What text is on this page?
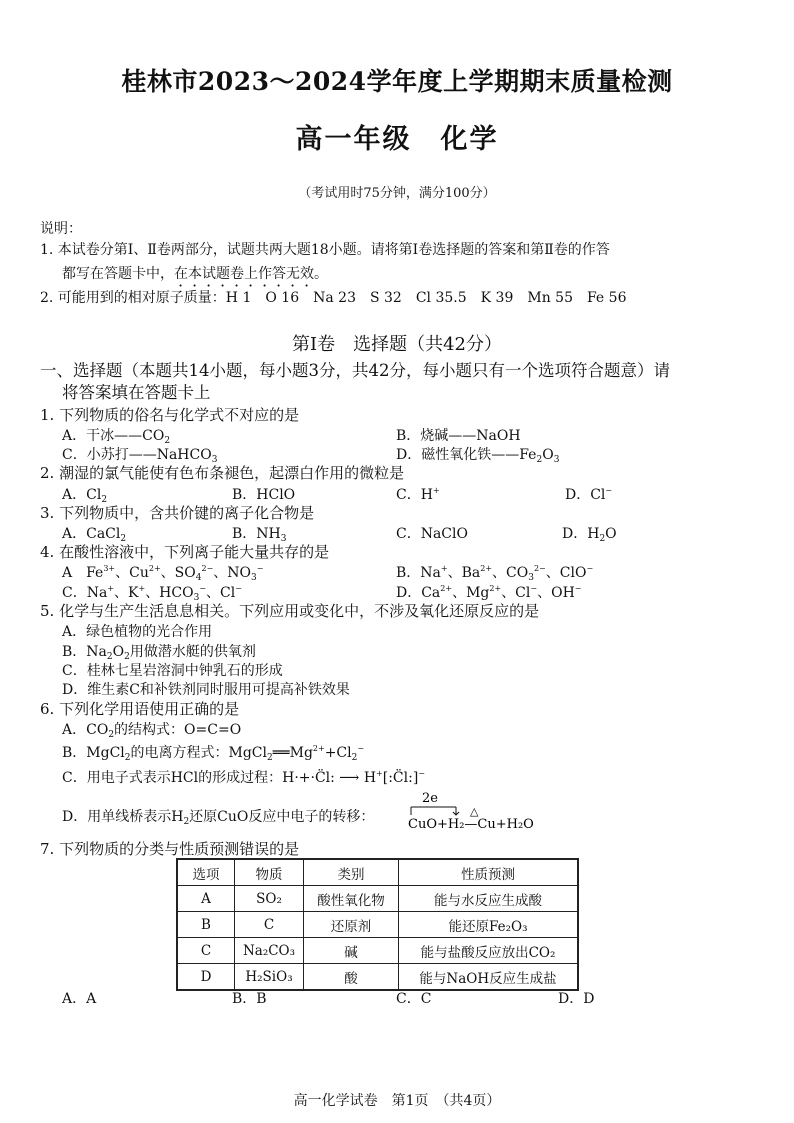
桂林市2023～2024学年度上学期期末质量检测
高一年级　化学
（考试用时75分钟，满分100分）
说明：
1. 本试卷分第Ⅰ、Ⅱ卷两部分，试题共两大题18小题。请将第Ⅰ卷选择题的答案和第Ⅱ卷的作答
都写在答题卡中，在本试题卷上作答无效。
2. 可能用到的相对原子质量：H 1　O 16　Na 23　S 32　Cl 35.5　K 39　Mn 55　Fe 56
第Ⅰ卷　选择题（共42分）
一、选择题（本题共14小题，每小题3分，共42分，每小题只有一个选项符合题意）请
将答案填在答题卡上
1. 下列物质的俗名与化学式不对应的是
A．干冰$——CO_2$	B．烧碱——NaOH
C．小苏打——NaHCO$_3$	D．磁性氧化铁$——Fe_2O_3$
2. 潮湿的氯气能使有色布条褪色，起漂白作用的微粒是
A．$Cl_2$	B．HClO	C．H+	D．Cl−
3. 下列物质中，含共价键的离子化合物是
A．CaCl$_2$	B．$NH_3$	C．NaClO	D．$H_2O$
4. 在酸性溶液中，下列离子能大量共存的是
A　$Fe^{3+}$、$Cu^{2+}$、$SO_4^{2-}$、$NO_3^-$	B．Na+、$Ba^{2+}$、$CO_3^{2-}$、ClO−
C．Na+、K+、$HCO_3^-$、Cl−	D．$Ca^{2+}$、$Mg^{2+}$、Cl−、OH−
5. 化学与生产生活息息相关。下列应用或变化中，不涉及氧化还原反应的是
A．绿色植物的光合作用
B．$Na_2O_2$用做潜水艇的供氧剂
C．桂林七星岩溶洞中钟乳石的形成
D．维生素C和补铁剂同时服用可提高补铁效果
6. 下列化学用语使用正确的是
A．$CO_2$的结构式：O=C=O
B．MgCl$_2$的电离方程式：$MgCl_2══Mg^{2+}+Cl_2^-$
C．用电子式表示HCl的形成过程：H·+·C̈l: ⟶ H+[:C̈l:]−
D．用单线桥表示$H_2$还原CuO反应中电子的转移：
2e
△
CuO+H₂—Cu+H₂O
7. 下列物质的分类与性质预测错误的是
选项	物质	类别	性质预测
A	SO₂	酸性氧化物	能与水反应生成酸
B	C	还原剂	能还原Fe₂O₃
C	Na₂CO₃	碱	能与盐酸反应放出CO₂
D	H₂SiO₃	酸	能与NaOH反应生成盐
A．A	B．B	C．C	D．D
高一化学试卷　第1页　（共4页）
